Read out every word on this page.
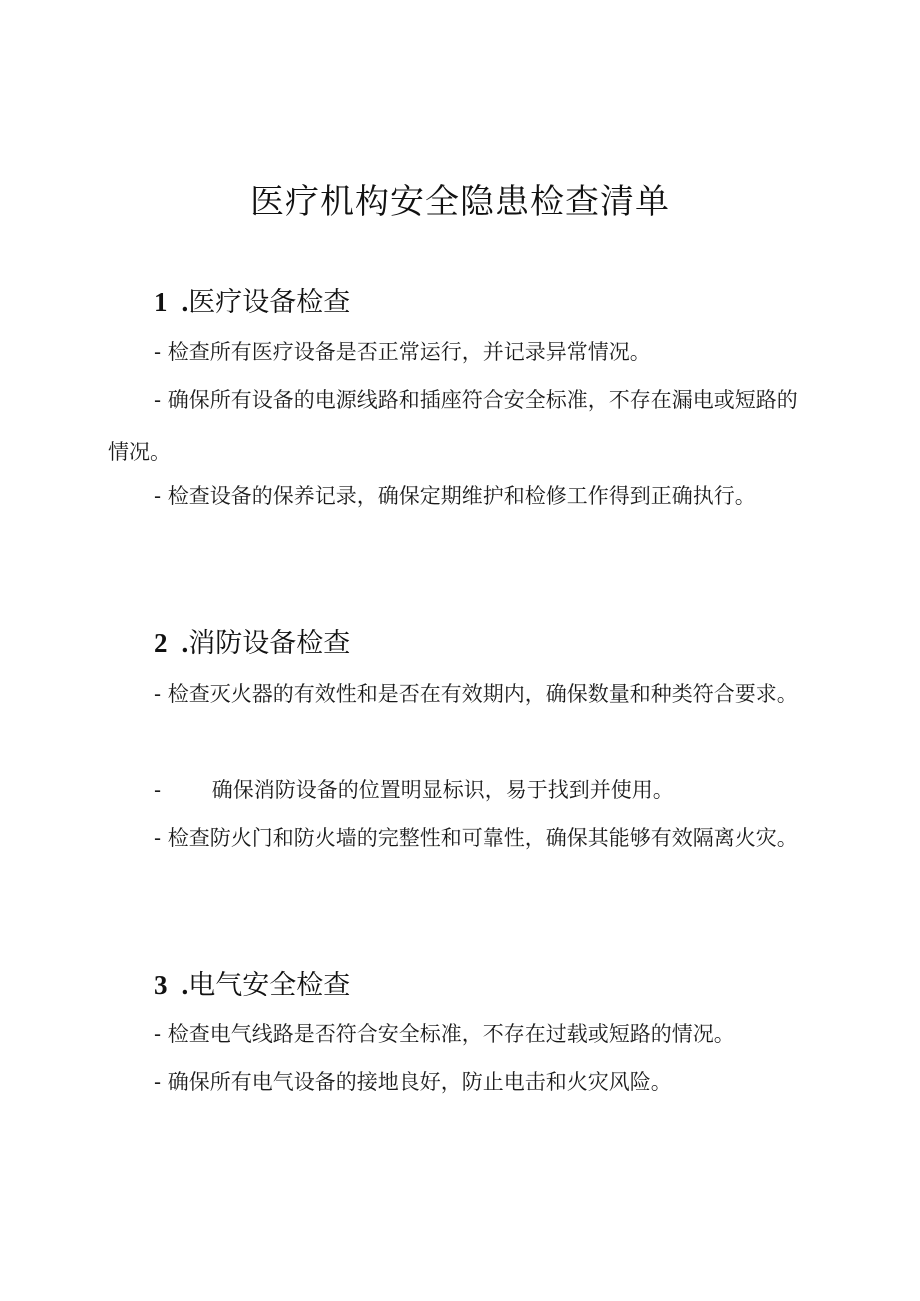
医疗机构安全隐患检查清单
1 .医疗设备检查

- 检查所有医疗设备是否正常运行，并记录异常情况。

- 确保所有设备的电源线路和插座符合安全标准，不存在漏电或短路的情况。

- 检查设备的保养记录，确保定期维护和检修工作得到正确执行。

2 .消防设备检查

- 检查灭火器的有效性和是否在有效期内，确保数量和种类符合要求。

- 确保消防设备的位置明显标识，易于找到并使用。

- 检查防火门和防火墙的完整性和可靠性，确保其能够有效隔离火灾。

3 .电气安全检查

- 检查电气线路是否符合安全标准，不存在过载或短路的情况。

- 确保所有电气设备的接地良好，防止电击和火灾风险。
